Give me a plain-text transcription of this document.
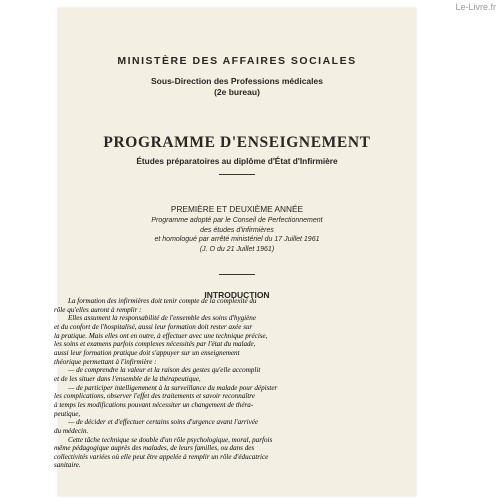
Le-Livre.fr
MINISTÈRE DES AFFAIRES SOCIALES
Sous-Direction des Professions médicales
(2e bureau)
PROGRAMME D'ENSEIGNEMENT
Études préparatoires au diplôme d'État d'Infirmière
PREMIÈRE ET DEUXIÈME ANNÉE
Programme adopté par le Conseil de Perfectionnement
des études d'infirmières
et homologué par arrêté ministériel du 17 Juillet 1961
(J. O du 21 Juillet 1961)
INTRODUCTION

La formation des infirmières doit tenir compte de la complexité du

rôle qu'elles auront à remplir :

Elles assument la responsabilité de l'ensemble des soins d'hygiène

et du confort de l'hospitalisé, aussi leur formation doit rester axée sur

la pratique. Mais elles ont en outre, à effectuer avec une technique précise,

les soins et examens parfois complexes nécessités par l'état du malade,

aussi leur formation pratique doit s'appuyer sur un enseignement

théorique permettant à l'infirmière :

— de comprendre la valeur et la raison des gestes qu'elle accomplit

et de les situer dans l'ensemble de la thérapeutique,

— de participer intelligemment à la surveillance du malade pour dépister

les complications, observer l'effet des traitements et savoir reconnaître

à temps les modifications pouvant nécessiter un changement de théra-

peutique,

— de décider et d'effectuer certains soins d'urgence avant l'arrivée

du médecin.

Cette tâche technique se double d'un rôle psychologique, moral, parfois

même pédagogique auprès des malades, de leurs familles, ou dans des

collectivités variées où elle peut être appelée à remplir un rôle d'éducatrice

sanitaire.
